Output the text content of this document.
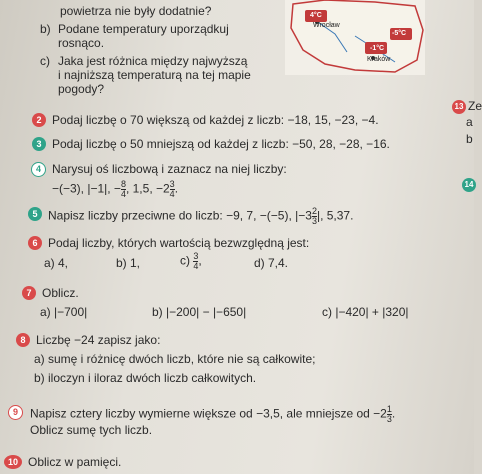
4°C
Wrocław
-5°C
Kraków
-1°C
powietrza nie były dodatnie?
b) Podane temperatury uporządkuj
rosnąco.
c) Jaka jest różnica między najwyższą
i najniższą temperaturą na tej mapie
pogody?
13 Ze
a
b
14
2 Podaj liczbę o 70 większą od każdej z liczb: −18, 15, −23, −4.
3 Podaj liczbę o 50 mniejszą od każdej z liczb: −50, 28, −28, −16.
4 Narysuj oś liczbową i zaznacz na niej liczby:
−(−3), |−1|, − $\frac{8}{4}$ , 1,5, $-2 \frac{3}{4}$ .
5 Napisz liczby przeciwne do liczb: −9, 7, −(−5), $|-3 \frac{2}{3}$ |, 5,37.
6 Podaj liczby, których wartością bezwzględną jest:
a) 4,	b) 1,	$c) \frac{3}{4}$ ,	d) 7,4.
7 Oblicz.
a) |−700|	b) |−200| − |−650|	c) |−420| + |320|
8 Liczbę −24 zapisz jako:
a) sumę i różnicę dwóch liczb, które nie są całkowite;
b) iloczyn i iloraz dwóch liczb całkowitych.
9	Napisz cztery liczby wymierne większe od −3,5, ale mniejsze od $-2 \frac{1}{3}$ .
Oblicz sumę tych liczb.
10 Oblicz w pamięci.
